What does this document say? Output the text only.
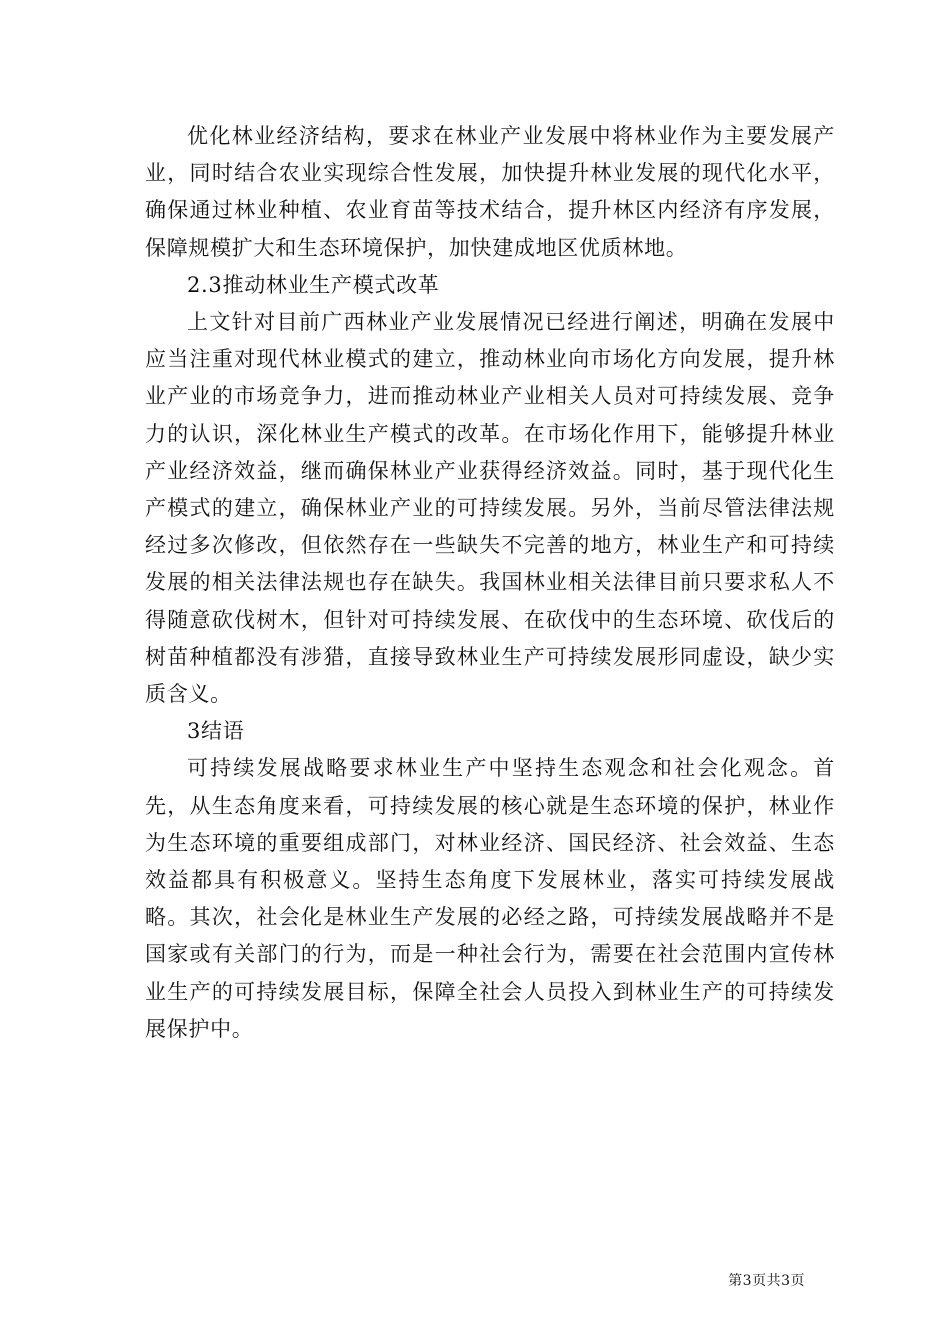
优化林业经济结构，要求在林业产业发展中将林业作为主要发展产业，同时结合农业实现综合性发展，加快提升林业发展的现代化水平，确保通过林业种植、农业育苗等技术结合，提升林区内经济有序发展，保障规模扩大和生态环境保护，加快建成地区优质林地。

2.3推动林业生产模式改革

上文针对目前广西林业产业发展情况已经进行阐述，明确在发展中应当注重对现代林业模式的建立，推动林业向市场化方向发展，提升林业产业的市场竞争力，进而推动林业产业相关人员对可持续发展、竞争力的认识，深化林业生产模式的改革。在市场化作用下，能够提升林业产业经济效益，继而确保林业产业获得经济效益。同时，基于现代化生产模式的建立，确保林业产业的可持续发展。另外，当前尽管法律法规经过多次修改，但依然存在一些缺失不完善的地方，林业生产和可持续发展的相关法律法规也存在缺失。我国林业相关法律目前只要求私人不得随意砍伐树木，但针对可持续发展、在砍伐中的生态环境、砍伐后的树苗种植都没有涉猎，直接导致林业生产可持续发展形同虚设，缺少实质含义。

3结语

可持续发展战略要求林业生产中坚持生态观念和社会化观念。首先，从生态角度来看，可持续发展的核心就是生态环境的保护，林业作为生态环境的重要组成部门，对林业经济、国民经济、社会效益、生态效益都具有积极意义。坚持生态角度下发展林业，落实可持续发展战略。其次，社会化是林业生产发展的必经之路，可持续发展战略并不是国家或有关部门的行为，而是一种社会行为，需要在社会范围内宣传林业生产的可持续发展目标，保障全社会人员投入到林业生产的可持续发展保护中。

第3页共3页
